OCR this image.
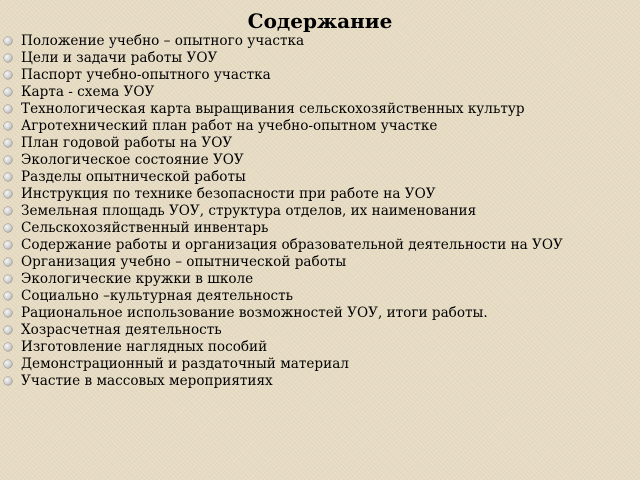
Содержание
Положение учебно – опытного участка
Цели и задачи работы УОУ
Паспорт учебно-опытного участка
Карта - схема УОУ
Технологическая карта выращивания сельскохозяйственных культур
Агротехнический план работ на учебно-опытном участке
План годовой работы на УОУ
Экологическое состояние УОУ
Разделы опытнической работы
Инструкция по технике безопасности при работе на УОУ
Земельная площадь УОУ, структура отделов, их наименования
Сельскохозяйственный инвентарь
Содержание работы и организация образовательной деятельности на УОУ
Организация учебно – опытнической работы
Экологические кружки в школе
Социально –культурная деятельность
Рациональное использование возможностей УОУ, итоги работы.
Хозрасчетная деятельность
Изготовление наглядных пособий
Демонстрационный и раздаточный материал
Участие в массовых мероприятиях
